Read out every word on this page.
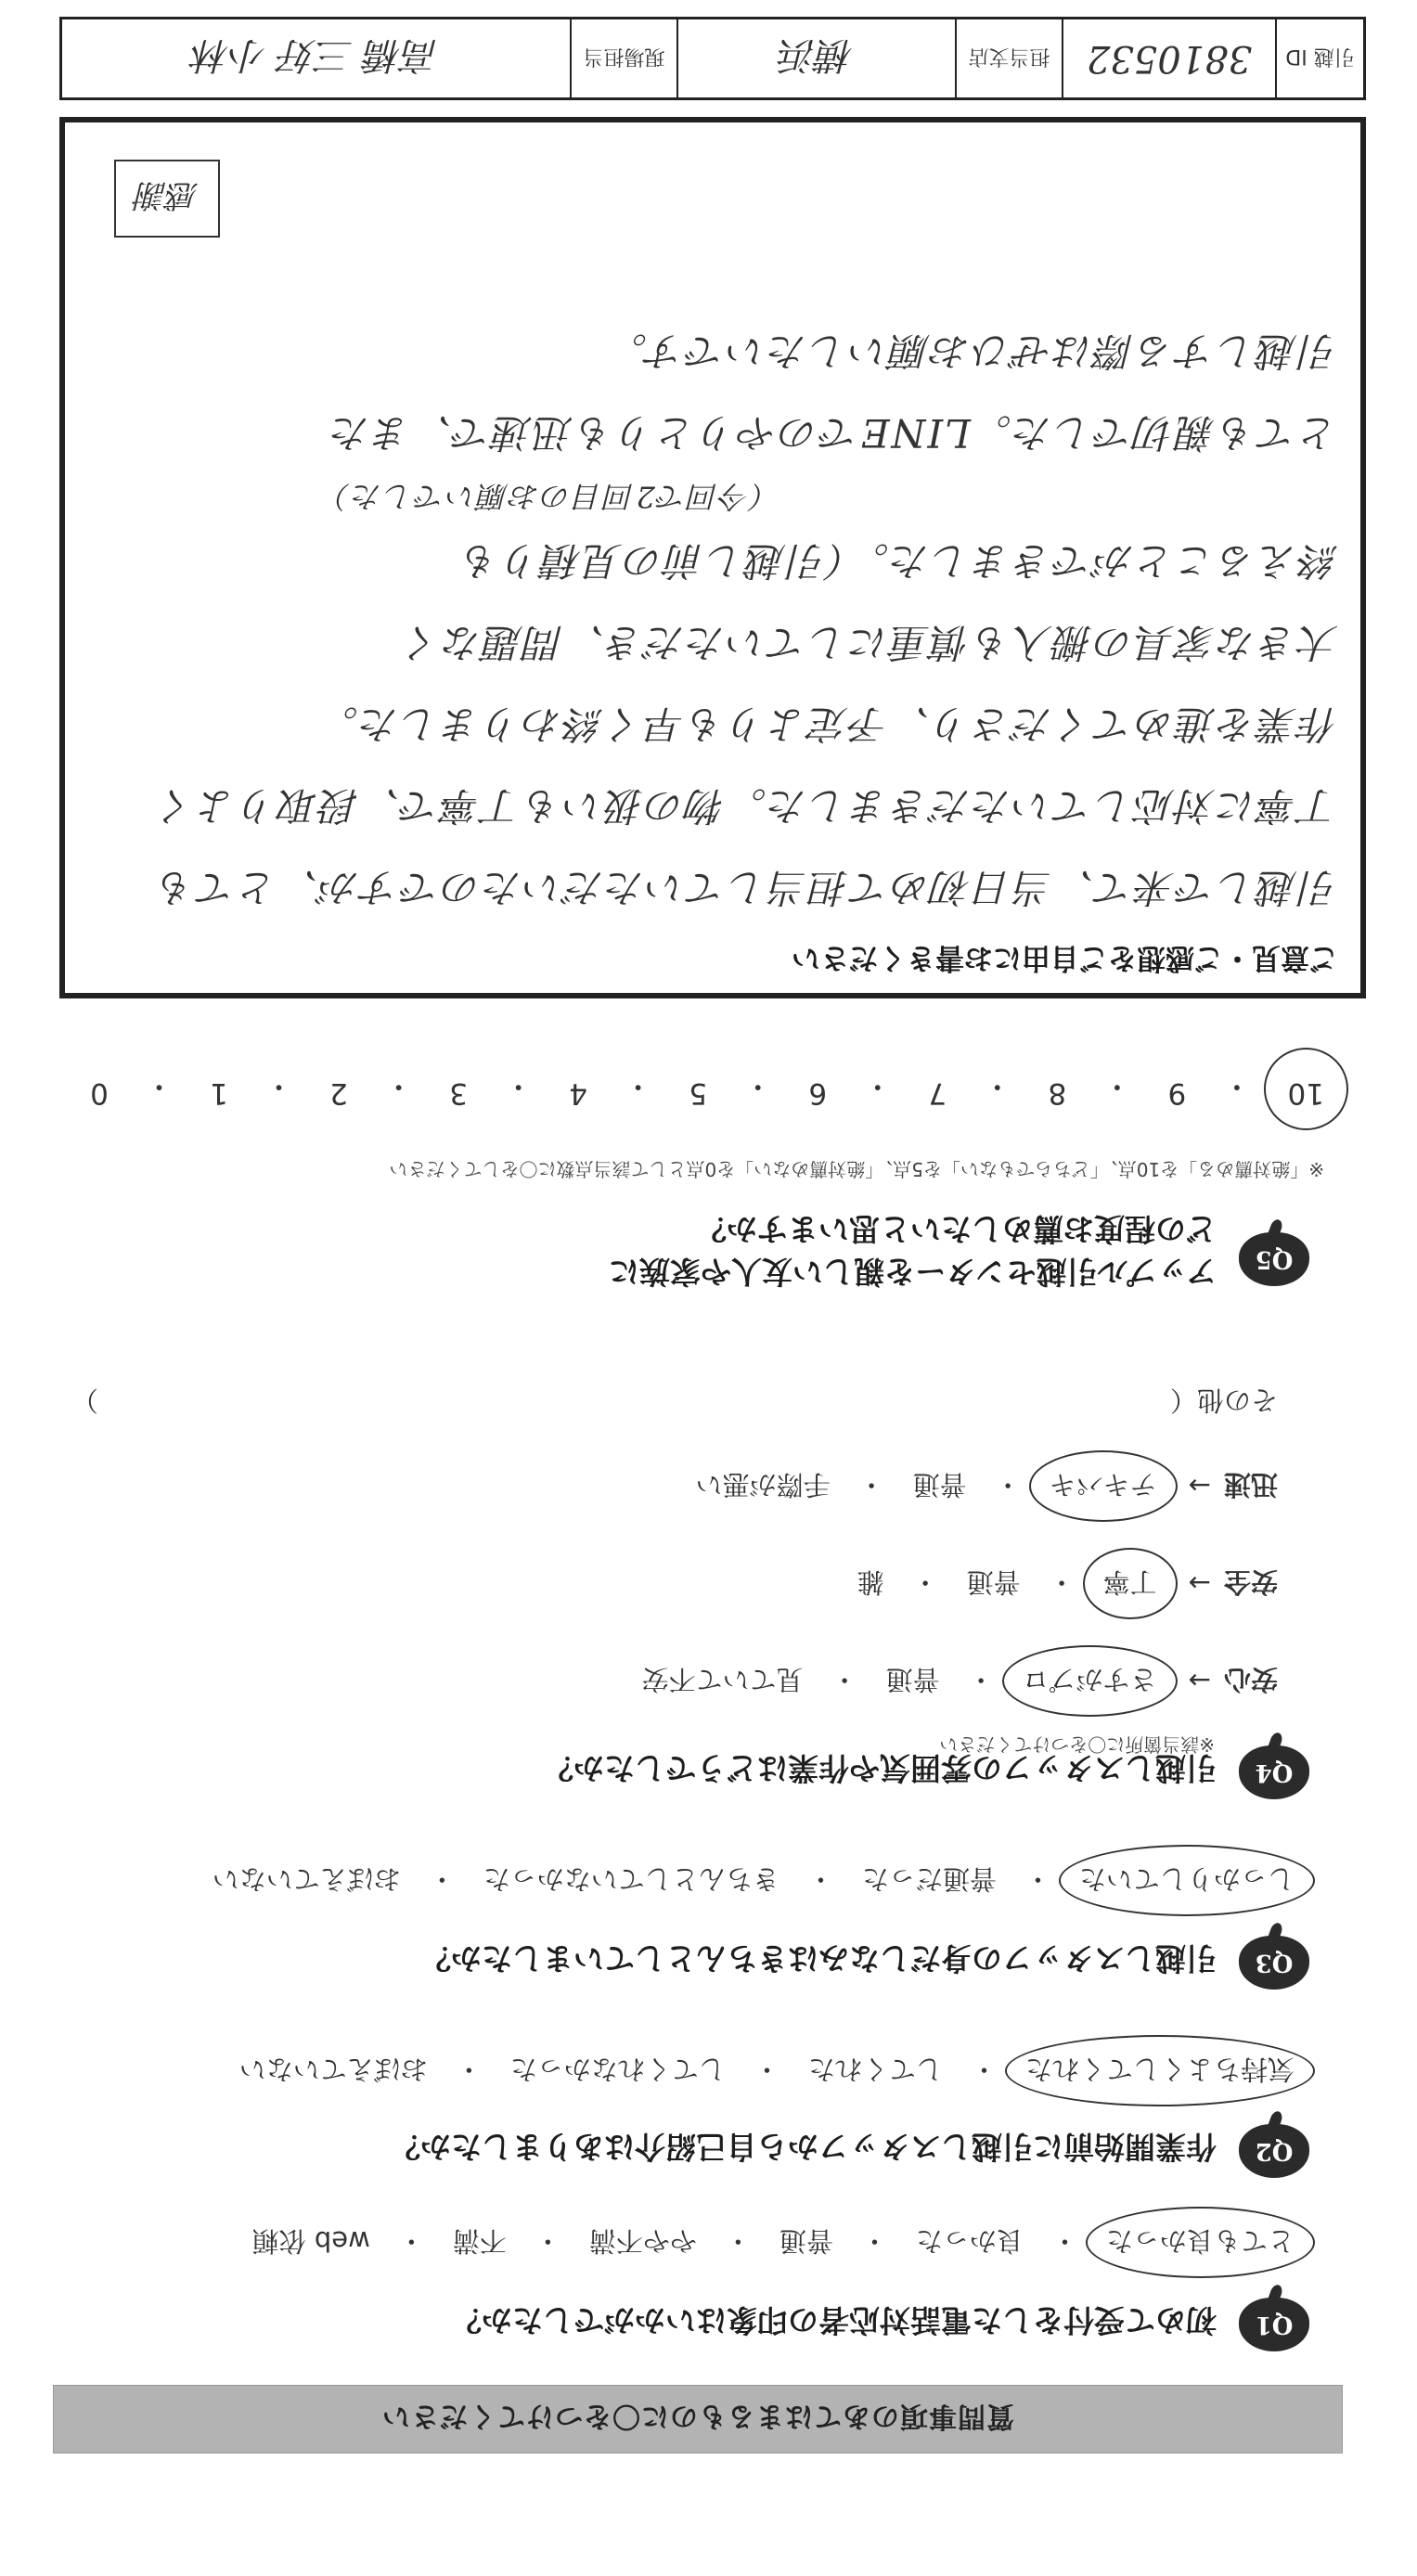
質問事項のあてはまるものに〇をつけてください
Q1
初めて受付をした電話対応者の印象はいかがでしたか？
とても良かった
・
良かった
・
普通
・
やや不満
・
不満
・
web 依頼
Q2
作業開始前に引越しスタッフから自己紹介はありましたか？
気持ちよくしてくれた
・
してくれた
・
してくれなかった
・
おぼえていない
Q3
引越しスタッフの身だしなみはきちんとしていましたか？
しっかりしていた
・
普通だった
・
きちんとしていなかった
・
おぼえていない
Q4
引越しスタッフの雰囲気や作業はどうでしたか？
※該当箇所に〇をつけてください
安心
→
さすがプロ
・
普通
・
見ていて不安
安全
→
丁寧
・
普通
・
雑
迅速
→
テキパキ
・
普通
・
手際が悪い
その他（
）
Q5
アップル引越センターを親しい友人や家族に
どの程度お薦めしたいと思いますか？
※「絶対薦める」を10点、「どちらでもない」を5点、「絶対薦めない」を0点として該当点数に〇をしてください
10
・
9
・
8
・
7
・
6
・
5
・
4
・
3
・
2
・
1
・
0
ご意見・ご感想をご自由にお書きください
引越しで来て、当日初めて担当していただいたのですが、とても
丁寧に対応していただきました。物の扱いも丁寧で、段取りよく
作業を進めてくださり、予定よりも早く終わりました。
大きな家具の搬入も慎重にしていただき、問題なく
終えることができました。（引越し前の見積りも
（今回で2回目のお願いでした）
とても親切でした。LINEでのやりとりも迅速で、また
引越しする際はぜひお願いしたいです。
感謝
引越 ID
3810532
担当支店
横浜
現場担当
高橋 三好 小林
